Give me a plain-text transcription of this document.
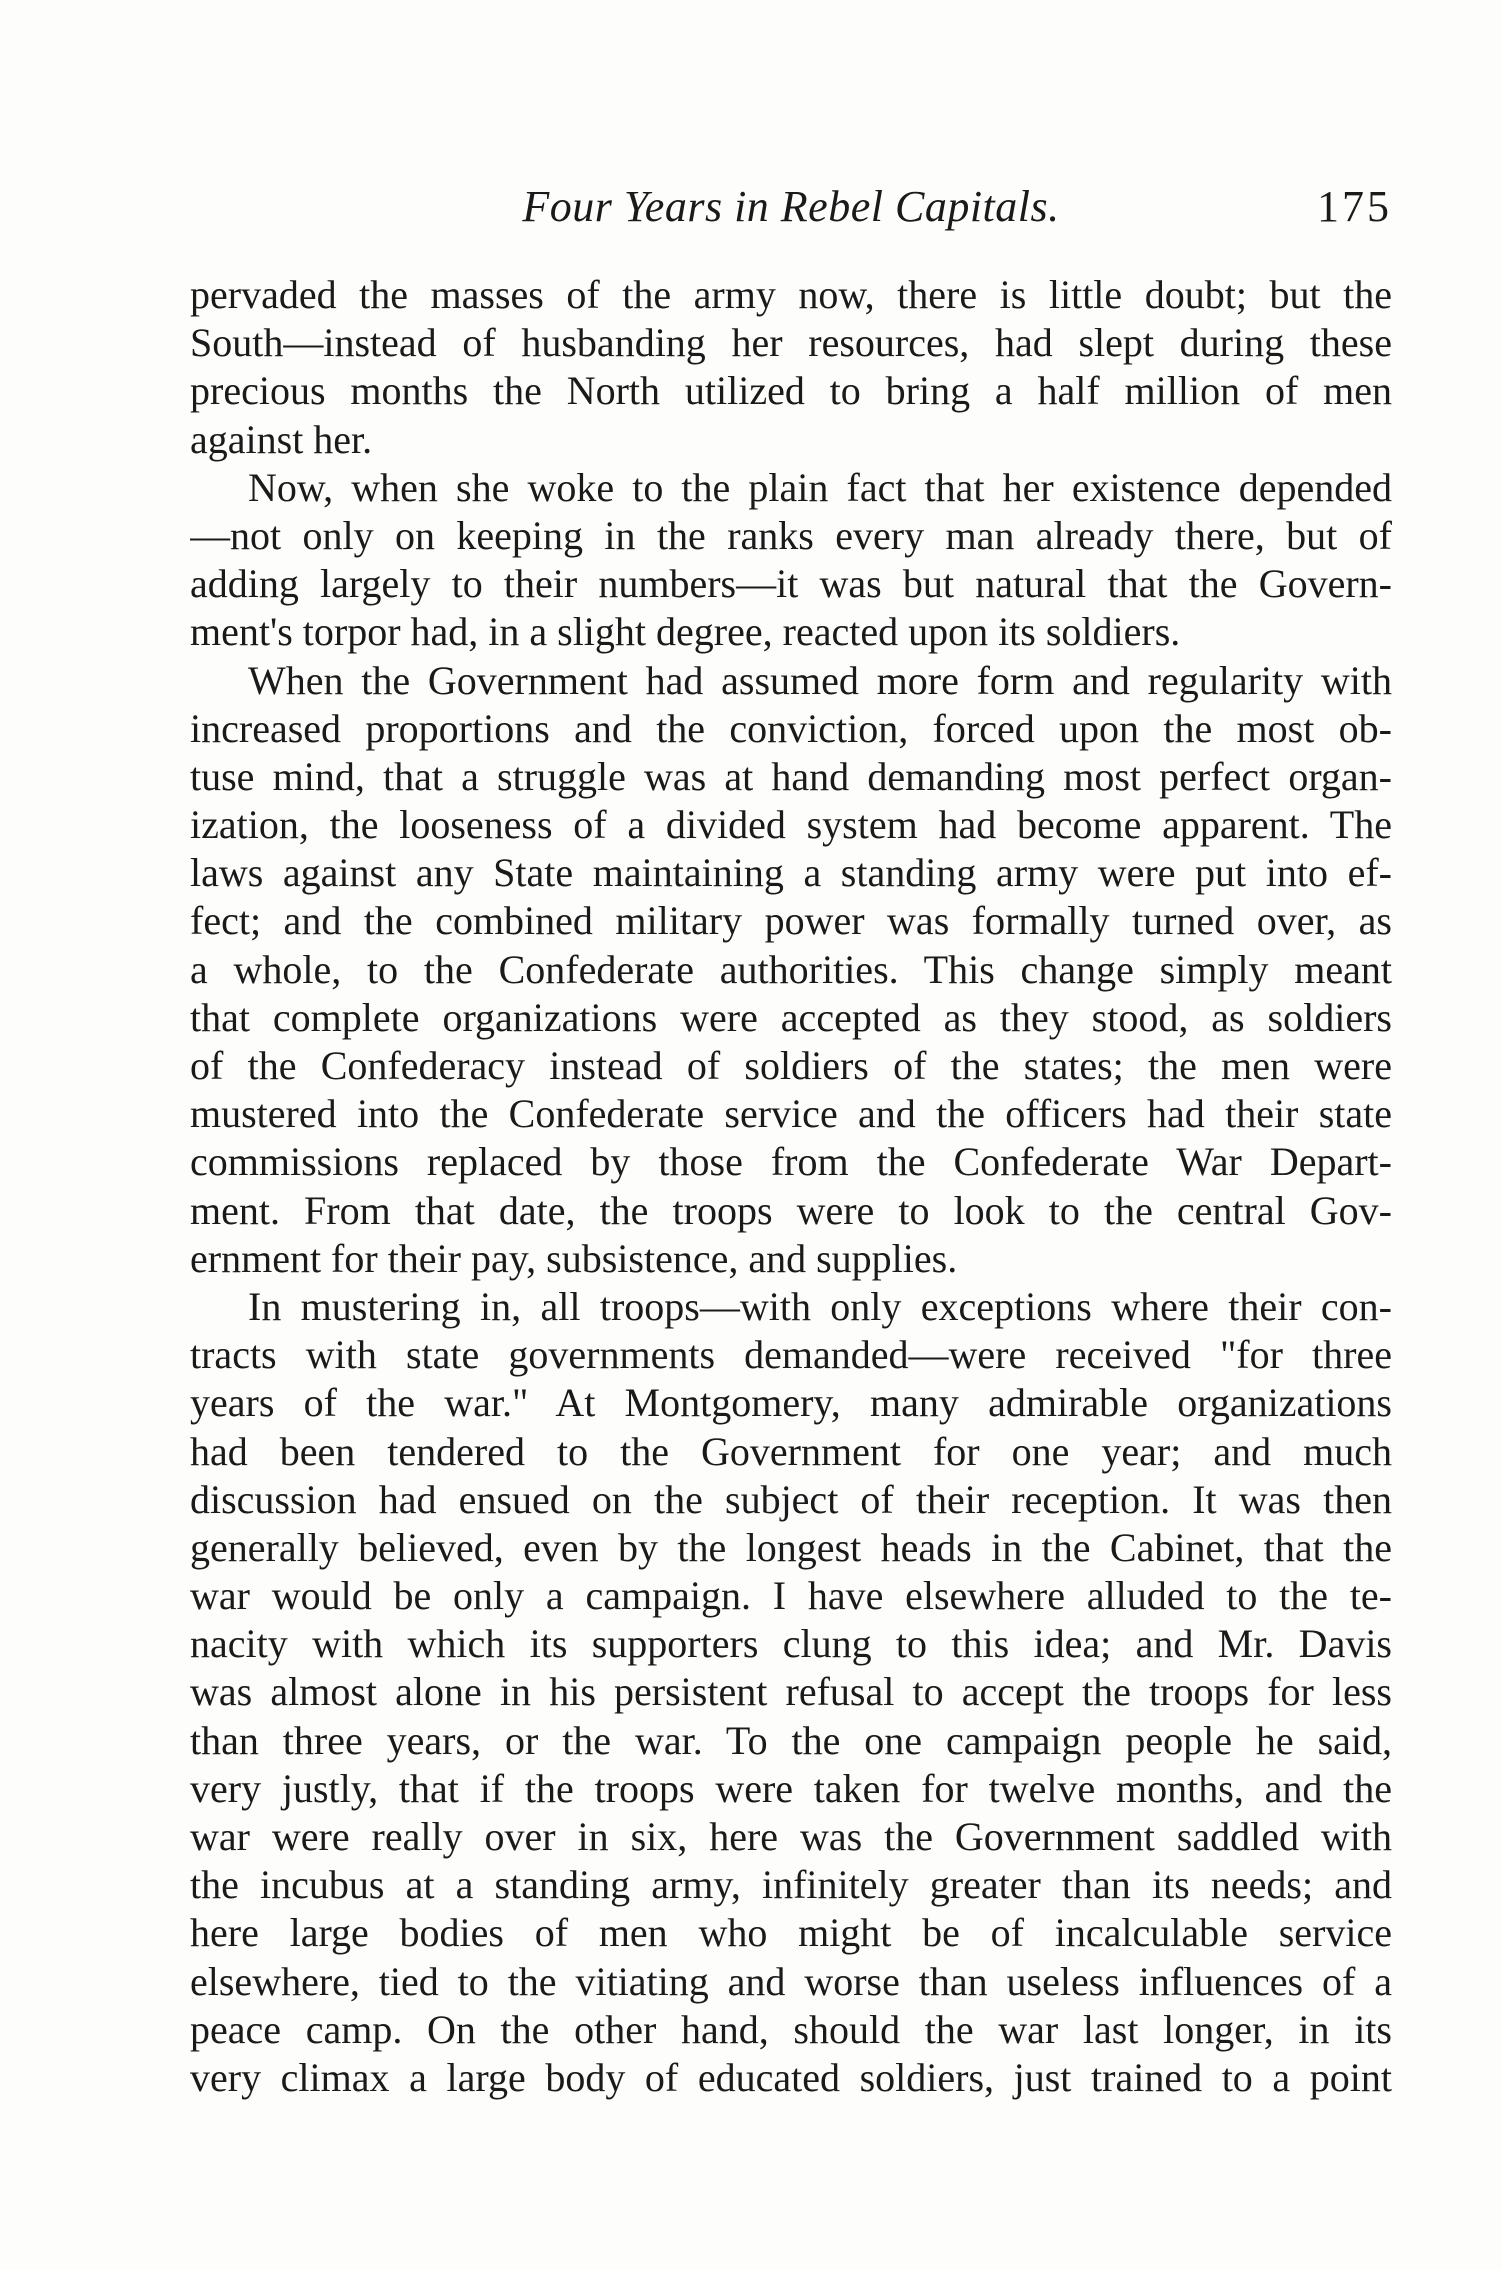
Four Years in Rebel Capitals.	175
pervaded the masses of the army now, there is little doubt; but the
South—instead of husbanding her resources, had slept during these
precious months the North utilized to bring a half million of men
against her.
Now, when she woke to the plain fact that her existence depended
—not only on keeping in the ranks every man already there, but of
adding largely to their numbers—it was but natural that the Govern-
ment's torpor had, in a slight degree, reacted upon its soldiers.
When the Government had assumed more form and regularity with
increased proportions and the conviction, forced upon the most ob-
tuse mind, that a struggle was at hand demanding most perfect organ-
ization, the looseness of a divided system had become apparent. The
laws against any State maintaining a standing army were put into ef-
fect; and the combined military power was formally turned over, as
a whole, to the Confederate authorities. This change simply meant
that complete organizations were accepted as they stood, as soldiers
of the Confederacy instead of soldiers of the states; the men were
mustered into the Confederate service and the officers had their state
commissions replaced by those from the Confederate War Depart-
ment. From that date, the troops were to look to the central Gov-
ernment for their pay, subsistence, and supplies.
In mustering in, all troops—with only exceptions where their con-
tracts with state governments demanded—were received "for three
years of the war." At Montgomery, many admirable organizations
had been tendered to the Government for one year; and much
discussion had ensued on the subject of their reception. It was then
generally believed, even by the longest heads in the Cabinet, that the
war would be only a campaign. I have elsewhere alluded to the te-
nacity with which its supporters clung to this idea; and Mr. Davis
was almost alone in his persistent refusal to accept the troops for less
than three years, or the war. To the one campaign people he said,
very justly, that if the troops were taken for twelve months, and the
war were really over in six, here was the Government saddled with
the incubus at a standing army, infinitely greater than its needs; and
here large bodies of men who might be of incalculable service
elsewhere, tied to the vitiating and worse than useless influences of a
peace camp. On the other hand, should the war last longer, in its
very climax a large body of educated soldiers, just trained to a point
